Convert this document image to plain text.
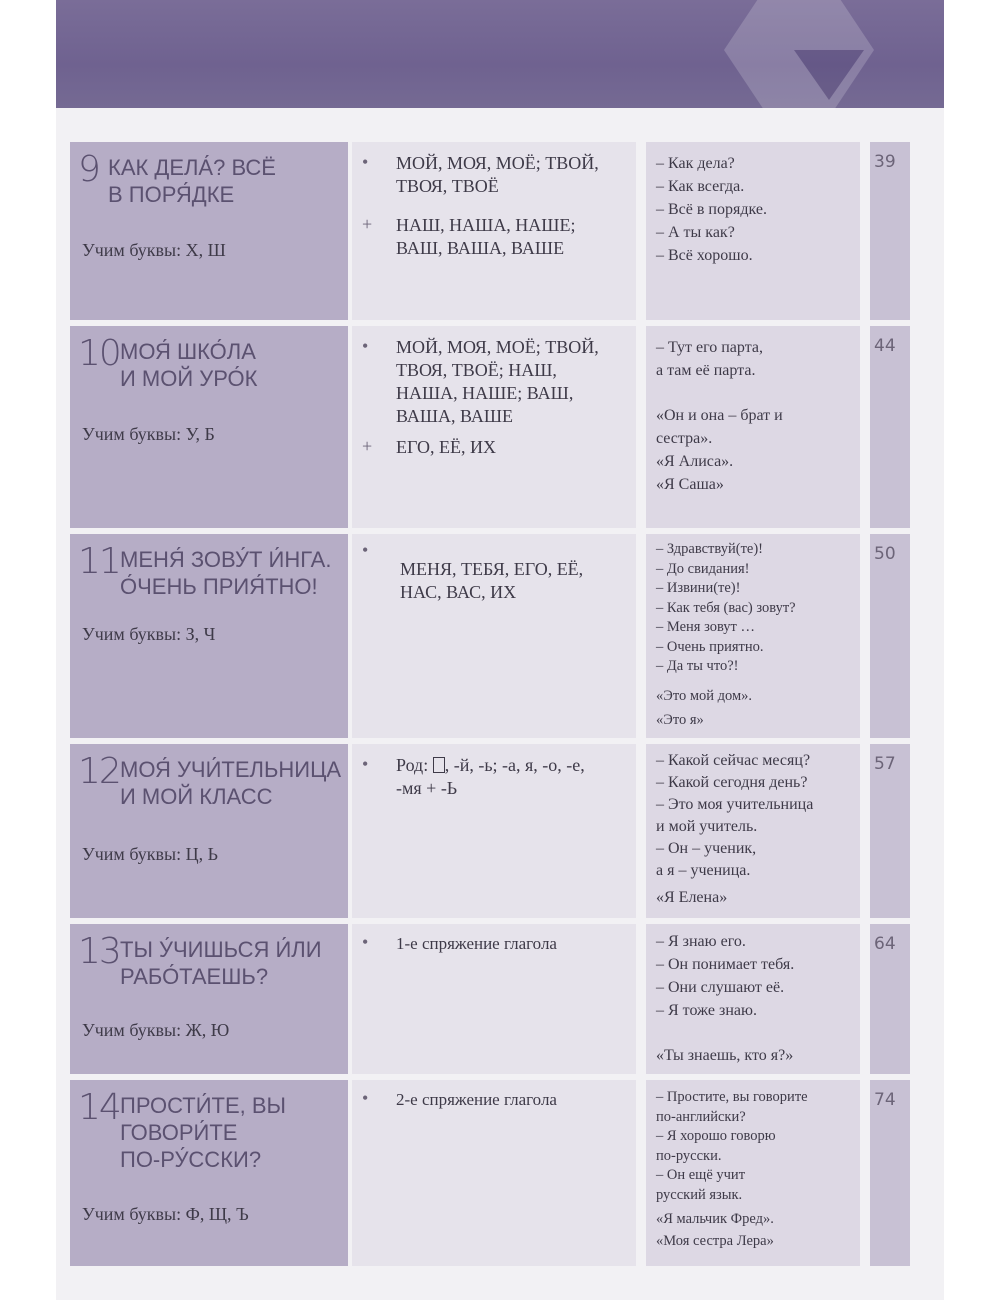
9 КАК ДЕЛА́? ВСЁ
В ПОРЯ́ДКЕ
Учим буквы: Х, Ш
• МОЙ, МОЯ, МОЁ; ТВОЙ,
ТВОЯ, ТВОЁ
+ НАШ, НАША, НАШЕ;
ВАШ, ВАША, ВАШЕ
– Как дела?
– Как всегда.
– Всё в порядке.
– А ты как?
– Всё хорошо.
39
10 МОЯ́ ШКО́ЛА
И МОЙ УРО́К
Учим буквы: У, Б
• МОЙ, МОЯ, МОЁ; ТВОЙ,
ТВОЯ, ТВОЁ; НАШ,
НАША, НАШЕ; ВАШ,
ВАША, ВАШЕ
+ ЕГО, ЕЁ, ИХ
– Тут его парта,
а там её парта.
«Он и она – брат и
сестра».
«Я Алиса».
«Я Саша»
44
11 МЕНЯ́ ЗОВУ́Т И́НГА.
О́ЧЕНЬ ПРИЯ́ТНО!
Учим буквы: З, Ч
•
МЕНЯ, ТЕБЯ, ЕГО, ЕЁ,
НАС, ВАС, ИХ
– Здравствуй(те)!
– До свидания!
– Извини(те)!
– Как тебя (вас) зовут?
– Меня зовут …
– Очень приятно.
– Да ты что?!
«Это мой дом».
«Это я»
50
12 МОЯ́ УЧИ́ТЕЛЬНИЦА
И МОЙ КЛАСС
Учим буквы: Ц, Ь
• Род: , -й, -ь; -а, я, -о, -е,
-мя + -Ь
– Какой сейчас месяц?
– Какой сегодня день?
– Это моя учительница
и мой учитель.
– Он – ученик,
а я – ученица.
«Я Елена»
57
13 ТЫ У́ЧИШЬСЯ И́ЛИ
РАБО́ТАЕШЬ?
Учим буквы: Ж, Ю
• 1-е спряжение глагола	– Я знаю его.
– Он понимает тебя.
– Они слушают её.
– Я тоже знаю.
«Ты знаешь, кто я?»
64
14 ПРОСТИ́ТЕ, ВЫ
ГОВОРИ́ТЕ
ПО-РУ́ССКИ?
Учим буквы: Ф, Щ, Ъ
• 2-е спряжение глагола	– Простите, вы говорите
по-английски?
– Я хорошо говорю
по-русски.
– Он ещё учит
русский язык.
«Я мальчик Фред».
«Моя сестра Лера»
74
